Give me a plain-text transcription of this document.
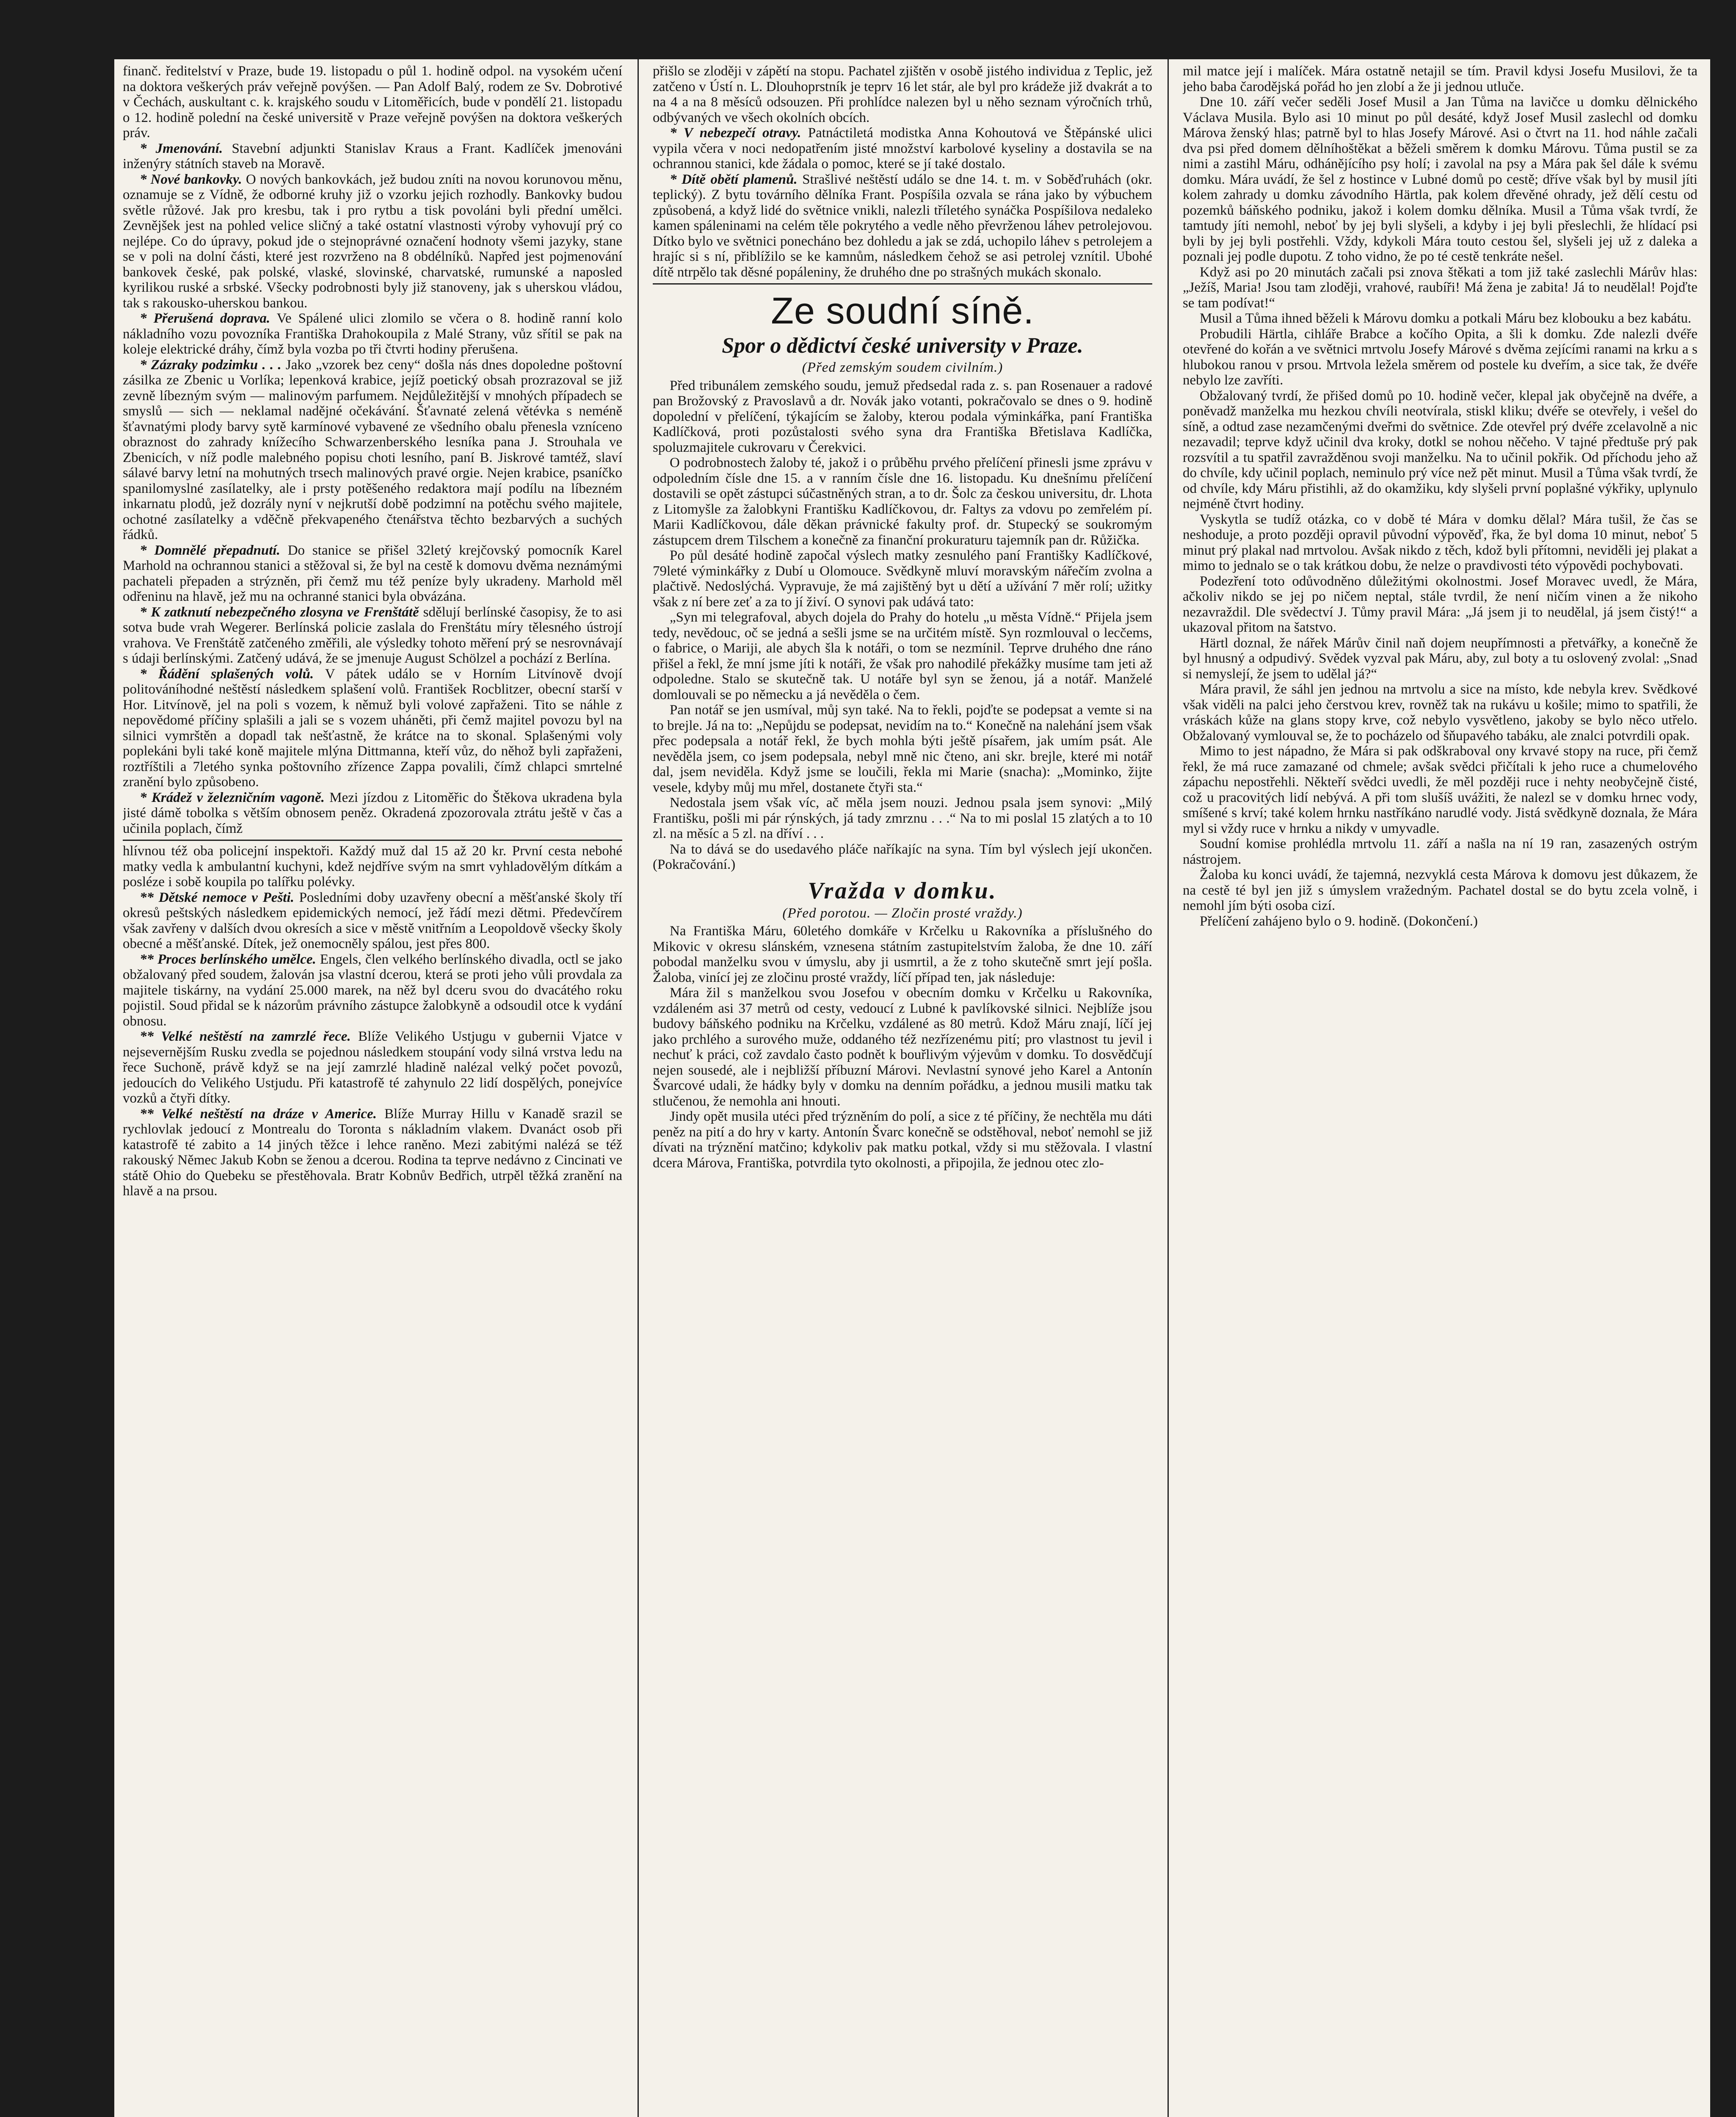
finanč. ředitelství v Praze, bude 19. listopadu o půl 1. hodině odpol. na vysokém učení na doktora veškerých práv veřejně povýšen. — Pan Adolf Balý, rodem ze Sv. Dobrotivé v Čechách, auskultant c. k. krajského soudu v Litoměřicích, bude v pondělí 21. listopadu o 12. hodině polední na české universitě v Praze veřejně povýšen na doktora veškerých práv.

* Jmenování. Stavební adjunkti Stanislav Kraus a Frant. Kadlíček jmenováni inženýry státních staveb na Moravě.

* Nové bankovky. O nových bankovkách, jež budou zníti na novou korunovou měnu, oznamuje se z Vídně, že odborné kruhy již o vzorku jejich rozhodly. Bankovky budou světle růžové. Jak pro kresbu, tak i pro rytbu a tisk povoláni byli přední umělci. Zevnějšek jest na pohled velice sličný a také ostatní vlastnosti výroby vyhovují prý co nejlépe. Co do úpravy, pokud jde o stejnoprávné označení hodnoty všemi jazyky, stane se v poli na dolní části, které jest rozvrženo na 8 obdélníků. Napřed jest pojmenování bankovek české, pak polské, vlaské, slovinské, charvatské, rumunské a naposled kyrilikou ruské a srbské. Všecky podrobnosti byly již stanoveny, jak s uherskou vládou, tak s rakousko-uherskou bankou.

* Přerušená doprava. Ve Spálené ulici zlomilo se včera o 8. hodině ranní kolo nákladního vozu povozníka Františka Drahokoupila z Malé Strany, vůz sřítil se pak na koleje elektrické dráhy, čímž byla vozba po tři čtvrti hodiny přerušena.

* Zázraky podzimku . . . Jako „vzorek bez ceny“ došla nás dnes dopoledne poštovní zásilka ze Zbenic u Vorlíka; lepenková krabice, jejíž poetický obsah prozrazoval se již zevně líbezným svým — malinovým parfumem. Nejdůležitější v mnohých případech se smyslů — sich — neklamal nadějné očekávání. Šťavnaté zelená větévka s neméně šťavnatými plody barvy sytě karmínové vybavené ze všedního obalu přenesla vzníceno obraznost do zahrady knížecího Schwarzenberského lesníka pana J. Strouhala ve Zbenicích, v níž podle malebného popisu choti lesního, paní B. Jiskrové tamtéž, slaví sálavé barvy letní na mohutných trsech malinových pravé orgie. Nejen krabice, psaníčko spanilomyslné zasílatelky, ale i prsty potěšeného redaktora mají podílu na líbezném inkarnatu plodů, jež dozrály nyní v nejkrutší době podzimní na potěchu svého majitele, ochotné zasílatelky a vděčně překvapeného čtenářstva těchto bezbarvých a suchých řádků.

* Domnělé přepadnutí. Do stanice se přišel 32letý krejčovský pomocník Karel Marhold na ochrannou stanici a stěžoval si, že byl na cestě k domovu dvěma neznámými pachateli přepaden a strýzněn, při čemž mu též peníze byly ukradeny. Marhold měl odřeninu na hlavě, jež mu na ochranné stanici byla obvázána.

* K zatknutí nebezpečného zlosyna ve Frenštátě sdělují berlínské časopisy, že to asi sotva bude vrah Wegerer. Berlínská policie zaslala do Frenštátu míry tělesného ústrojí vrahova. Ve Frenštátě zatčeného změřili, ale výsledky tohoto měření prý se nesrovnávají s údaji berlínskými. Zatčený udává, že se jmenuje August Schölzel a pochází z Berlína.

* Řádění splašených volů. V pátek událo se v Horním Litvínově dvojí politováníhodné neštěstí následkem splašení volů. František Rocblitzer, obecní starší v Hor. Litvínově, jel na poli s vozem, k němuž byli volové zapřaženi. Tito se náhle z nepovědomé příčiny splašili a jali se s vozem uháněti, při čemž majitel povozu byl na silnici vymrštěn a dopadl tak nešťastně, že krátce na to skonal. Splašenými voly poplekáni byli také koně majitele mlýna Dittmanna, kteří vůz, do něhož byli zapřaženi, roztříštili a 7letého synka poštovního zřízence Zappa povalili, čímž chlapci smrtelné zranění bylo způsobeno.

* Krádež v železničním vagoně. Mezi jízdou z Litoměřic do Štěkova ukradena byla jisté dámě tobolka s větším obnosem peněz. Okradená zpozorovala ztrátu ještě v čas a učinila poplach, čímž

hlívnou též oba policejní inspektoři. Každý muž dal 15 až 20 kr. První cesta nebohé matky vedla k ambulantní kuchyni, kdež nejdříve svým na smrt vyhladovělým dítkám a posléze i sobě koupila po talířku polévky.

** Dětské nemoce v Pešti. Posledními doby uzavřeny obecní a měšťanské školy tří okresů peštských následkem epidemických nemocí, jež řádí mezi dětmi. Předevčírem však zavřeny v dalších dvou okresích a sice v městě vnitřním a Leopoldově všecky školy obecné a měšťanské. Dítek, jež onemocněly spálou, jest přes 800.

** Proces berlínského umělce. Engels, člen velkého berlínského divadla, octl se jako obžalovaný před soudem, žalován jsa vlastní dcerou, která se proti jeho vůli provdala za majitele tiskárny, na vydání 25.000 marek, na něž byl dceru svou do dvacátého roku pojistil. Soud přidal se k názorům právního zástupce žalobkyně a odsoudil otce k vydání obnosu.

** Velké neštěstí na zamrzlé řece. Blíže Velikého Ustjugu v gubernii Vjatce v nejsevernějším Rusku zvedla se pojednou následkem stoupání vody silná vrstva ledu na řece Suchoně, právě když se na její zamrzlé hladině nalézal velký počet povozů, jedoucích do Velikého Ustjudu. Při katastrofě té zahynulo 22 lidí dospělých, ponejvíce vozků a čtyři dítky.

** Velké neštěstí na dráze v Americe. Blíže Murray Hillu v Kanadě srazil se rychlovlak jedoucí z Montrealu do Toronta s nákladním vlakem. Dvanáct osob při katastrofě té zabito a 14 jiných těžce i lehce raněno. Mezi zabitými nalézá se též rakouský Němec Jakub Kobn se ženou a dcerou. Rodina ta teprve nedávno z Cincinati ve státě Ohio do Quebeku se přestěhovala. Bratr Kobnův Bedřich, utrpěl těžká zranění na hlavě a na prsou.

přišlo se zloději v zápětí na stopu. Pachatel zjištěn v osobě jistého individua z Teplic, jež zatčeno v Ústí n. L. Dlouhoprstník je teprv 16 let stár, ale byl pro krádeže již dvakrát a to na 4 a na 8 měsíců odsouzen. Při prohlídce nalezen byl u něho seznam výročních trhů, odbývaných ve všech okolních obcích.

* V nebezpečí otravy. Patnáctiletá modistka Anna Kohoutová ve Štěpánské ulici vypila včera v noci nedopatřením jisté množství karbolové kyseliny a dostavila se na ochrannou stanici, kde žádala o pomoc, které se jí také dostalo.

* Dítě obětí plamenů. Strašlivé neštěstí událo se dne 14. t. m. v Soběďruhách (okr. teplický). Z bytu továrního dělníka Frant. Pospíšila ozvala se rána jako by výbuchem způsobená, a když lidé do světnice vnikli, nalezli tříletého synáčka Pospíšilova nedaleko kamen spáleninami na celém těle pokrytého a vedle něho převrženou láhev petrolejovou. Dítko bylo ve světnici ponecháno bez dohledu a jak se zdá, uchopilo láhev s petrolejem a hrajíc si s ní, přiblížilo se ke kamnům, následkem čehož se asi petrolej vznítil. Ubohé dítě ntrpělo tak děsné popáleniny, že druhého dne po strašných mukách skonalo.

Ze soudní síně.
Spor o dědictví české university v Praze.
(Před zemským soudem civilním.)

Před tribunálem zemského soudu, jemuž předsedal rada z. s. pan Rosenauer a radové pan Brožovský z Pravoslavů a dr. Novák jako votanti, pokračovalo se dnes o 9. hodině dopolední v přelíčení, týkajícím se žaloby, kterou podala výminkářka, paní Františka Kadlíčková, proti pozůstalosti svého syna dra Františka Břetislava Kadlíčka, spoluzmajitele cukrovaru v Čerekvici.

O podrobnostech žaloby té, jakož i o průběhu prvého přelíčení přinesli jsme zprávu v odpoledním čísle dne 15. a v ranním čísle dne 16. listopadu. Ku dnešnímu přelíčení dostavili se opět zástupci súčastněných stran, a to dr. Šolc za českou universitu, dr. Lhota z Litomyšle za žalobkyni Františku Kadlíčkovou, dr. Faltys za vdovu po zemřelém pí. Marii Kadlíčkovou, dále děkan právnické fakulty prof. dr. Stupecký se soukromým zástupcem drem Tilschem a konečně za finanční prokuraturu tajemník pan dr. Růžička.

Po půl desáté hodině započal výslech matky zesnulého paní Františky Kadlíčkové, 79leté výminkářky z Dubí u Olomouce. Svědkyně mluví moravským nářečím zvolna a plačtivě. Nedoslýchá. Vypravuje, že má zajištěný byt u dětí a užívání 7 měr rolí; užitky však z ní bere zeť a za to jí živí. O synovi pak udává tato:

„Syn mi telegrafoval, abych dojela do Prahy do hotelu „u města Vídně.“ Přijela jsem tedy, nevědouc, oč se jedná a sešli jsme se na určitém místě. Syn rozmlouval o lecčems, o fabrice, o Mariji, ale abych šla k notáři, o tom se nezmínil. Teprve druhého dne ráno přišel a řekl, že mní jsme jíti k notáři, že však pro nahodilé překážky musíme tam jeti až odpoledne. Stalo se skutečně tak. U notáře byl syn se ženou, já a notář. Manželé domlouvali se po německu a já nevěděla o čem.

Pan notář se jen usmíval, můj syn také. Na to řekli, pojďte se podepsat a vemte si na to brejle. Já na to: „Nepůjdu se podepsat, nevidím na to.“ Konečně na nalehání jsem však přec podepsala a notář řekl, že bych mohla býti ještě písařem, jak umím psát. Ale nevěděla jsem, co jsem podepsala, nebyl mně nic čteno, ani skr. brejle, které mi notář dal, jsem neviděla. Když jsme se loučili, řekla mi Marie (snacha): „Mominko, žijte vesele, kdyby můj mu mřel, dostanete čtyři sta.“

Nedostala jsem však víc, ač měla jsem nouzi. Jednou psala jsem synovi: „Milý Františku, pošli mi pár rýnských, já tady zmrznu . . .“ Na to mi poslal 15 zlatých a to 10 zl. na měsíc a 5 zl. na dříví . . .

Na to dává se do usedavého pláče naříkajíc na syna. Tím byl výslech její ukončen. (Pokračování.)

Vražda v domku.
(Před porotou. — Zločin prosté vraždy.)

Na Františka Máru, 60letého domkáře v Krčelku u Rakovníka a příslušného do Mikovic v okresu slánském, vznesena státním zastupitelstvím žaloba, že dne 10. září pobodal manželku svou v úmyslu, aby ji usmrtil, a že z toho skutečně smrt její pošla. Žaloba, vinící jej ze zločinu prosté vraždy, líčí případ ten, jak následuje:

Mára žil s manželkou svou Josefou v obecním domku v Krčelku u Rakovníka, vzdáleném asi 37 metrů od cesty, vedoucí z Lubné k pavlíkovské silnici. Nejblíže jsou budovy báňského podniku na Krčelku, vzdálené as 80 metrů. Kdož Máru znají, líčí jej jako prchlého a surového muže, oddaného též nezřízenému pití; pro vlastnost tu jevil i nechuť k práci, což zavdalo často podnět k bouřlivým výjevům v domku. To dosvědčují nejen sousedé, ale i nejbližší příbuzní Márovi. Nevlastní synové jeho Karel a Antonín Švarcové udali, že hádky byly v domku na denním pořádku, a jednou musili matku tak stlučenou, že nemohla ani hnouti.

Jindy opět musila utéci před trýzněním do polí, a sice z té příčiny, že nechtěla mu dáti peněz na pití a do hry v karty. Antonín Švarc konečně se odstěhoval, neboť nemohl se již dívati na trýznění matčino; kdykoliv pak matku potkal, vždy si mu stěžovala. I vlastní dcera Márova, Františka, potvrdila tyto okolnosti, a připojila, že jednou otec zlo-

mil matce její i malíček. Mára ostatně netajil se tím. Pravil kdysi Josefu Musilovi, že ta jeho baba čarodějská pořád ho jen zlobí a že ji jednou utluče.

Dne 10. září večer seděli Josef Musil a Jan Tůma na lavičce u domku dělnického Václava Musila. Bylo asi 10 minut po půl desáté, když Josef Musil zaslechl od domku Márova ženský hlas; patrně byl to hlas Josefy Márové. Asi o čtvrt na 11. hod náhle začali dva psi před domem dělníhoštěkat a běželi směrem k domku Márovu. Tůma pustil se za nimi a zastihl Máru, odhánějícího psy holí; i zavolal na psy a Mára pak šel dále k svému domku. Mára uvádí, že šel z hostince v Lubné domů po cestě; dříve však byl by musil jíti kolem zahrady u domku závodního Härtla, pak kolem dřevěné ohrady, jež dělí cestu od pozemků báňského podniku, jakož i kolem domku dělníka. Musil a Tůma však tvrdí, že tamtudy jíti nemohl, neboť by jej byli slyšeli, a kdyby i jej byli přeslechli, že hlídací psi byli by jej byli postřehli. Vždy, kdykoli Mára touto cestou šel, slyšeli jej už z daleka a poznali jej podle dupotu. Z toho vidno, že po té cestě tenkráte nešel.

Když asi po 20 minutách začali psi znova štěkati a tom již také zaslechli Márův hlas: „Ježíš, Maria! Jsou tam zloději, vrahové, raubíři! Má žena je zabita! Já to neudělal! Pojďte se tam podívat!“

Musil a Tůma ihned běželi k Márovu domku a potkali Máru bez klobouku a bez kabátu.

Probudili Härtla, cihláře Brabce a kočího Opita, a šli k domku. Zde nalezli dvéře otevřené do kořán a ve světnici mrtvolu Josefy Márové s dvěma zejícími ranami na krku a s hlubokou ranou v prsou. Mrtvola ležela směrem od postele ku dveřím, a sice tak, že dvéře nebylo lze zavříti.

Obžalovaný tvrdí, že přišed domů po 10. hodině večer, klepal jak obyčejně na dvéře, a poněvadž manželka mu hezkou chvíli neotvírala, stiskl kliku; dvéře se otevřely, i vešel do síně, a odtud zase nezamčenými dveřmi do světnice. Zde otevřel prý dvéře zcelavolně a nic nezavadil; teprve když učinil dva kroky, dotkl se nohou něčeho. V tajné předtuše prý pak rozsvítil a tu spatřil zavražděnou svoji manželku. Na to učinil pokřik. Od příchodu jeho až do chvíle, kdy učinil poplach, neminulo prý více než pět minut. Musil a Tůma však tvrdí, že od chvíle, kdy Máru přistihli, až do okamžiku, kdy slyšeli první poplašné výkřiky, uplynulo nejméně čtvrt hodiny.

Vyskytla se tudíž otázka, co v době té Mára v domku dělal? Mára tušil, že čas se neshoduje, a proto později opravil původní výpověď, řka, že byl doma 10 minut, neboť 5 minut prý plakal nad mrtvolou. Avšak nikdo z těch, kdož byli přítomni, neviděli jej plakat a mimo to jednalo se o tak krátkou dobu, že nelze o pravdivosti této výpovědi pochybovati.

Podezření toto odůvodněno důležitými okolnostmi. Josef Moravec uvedl, že Mára, ačkoliv nikdo se jej po ničem neptal, stále tvrdil, že není ničím vinen a že nikoho nezavraždil. Dle svědectví J. Tůmy pravil Mára: „Já jsem ji to neudělal, já jsem čistý!“ a ukazoval přitom na šatstvo.

Härtl doznal, že nářek Márův činil naň dojem neupřímnosti a přetvářky, a konečně že byl hnusný a odpudivý. Svědek vyzval pak Máru, aby, zul boty a tu oslovený zvolal: „Snad si nemyslejí, že jsem to udělal já?“

Mára pravil, že sáhl jen jednou na mrtvolu a sice na místo, kde nebyla krev. Svědkové však viděli na palci jeho čerstvou krev, rovněž tak na rukávu u košile; mimo to spatřili, že vráskách kůže na glans stopy krve, což nebylo vysvětleno, jakoby se bylo něco utřelo. Obžalovaný vymlouval se, že to pocházelo od šňupavého tabáku, ale znalci potvrdili opak.

Mimo to jest nápadno, že Mára si pak odškraboval ony krvavé stopy na ruce, při čemž řekl, že má ruce zamazané od chmele; avšak svědci přičítali k jeho ruce a chumelového zápachu nepostřehli. Někteří svědci uvedli, že měl později ruce i nehty neobyčejně čisté, což u pracovitých lidí nebývá. A při tom slušíš uvážiti, že nalezl se v domku hrnec vody, smíšené s krví; také kolem hrnku nastříkáno narudlé vody. Jistá svědkyně doznala, že Mára myl si vždy ruce v hrnku a nikdy v umyvadle.

Soudní komise prohlédla mrtvolu 11. září a našla na ní 19 ran, zasazených ostrým nástrojem.

Žaloba ku konci uvádí, že tajemná, nezvyklá cesta Márova k domovu jest důkazem, že na cestě té byl jen již s úmyslem vražedným. Pachatel dostal se do bytu zcela volně, i nemohl jím býti osoba cizí.

Přelíčení zahájeno bylo o 9. hodině. (Dokončení.)
